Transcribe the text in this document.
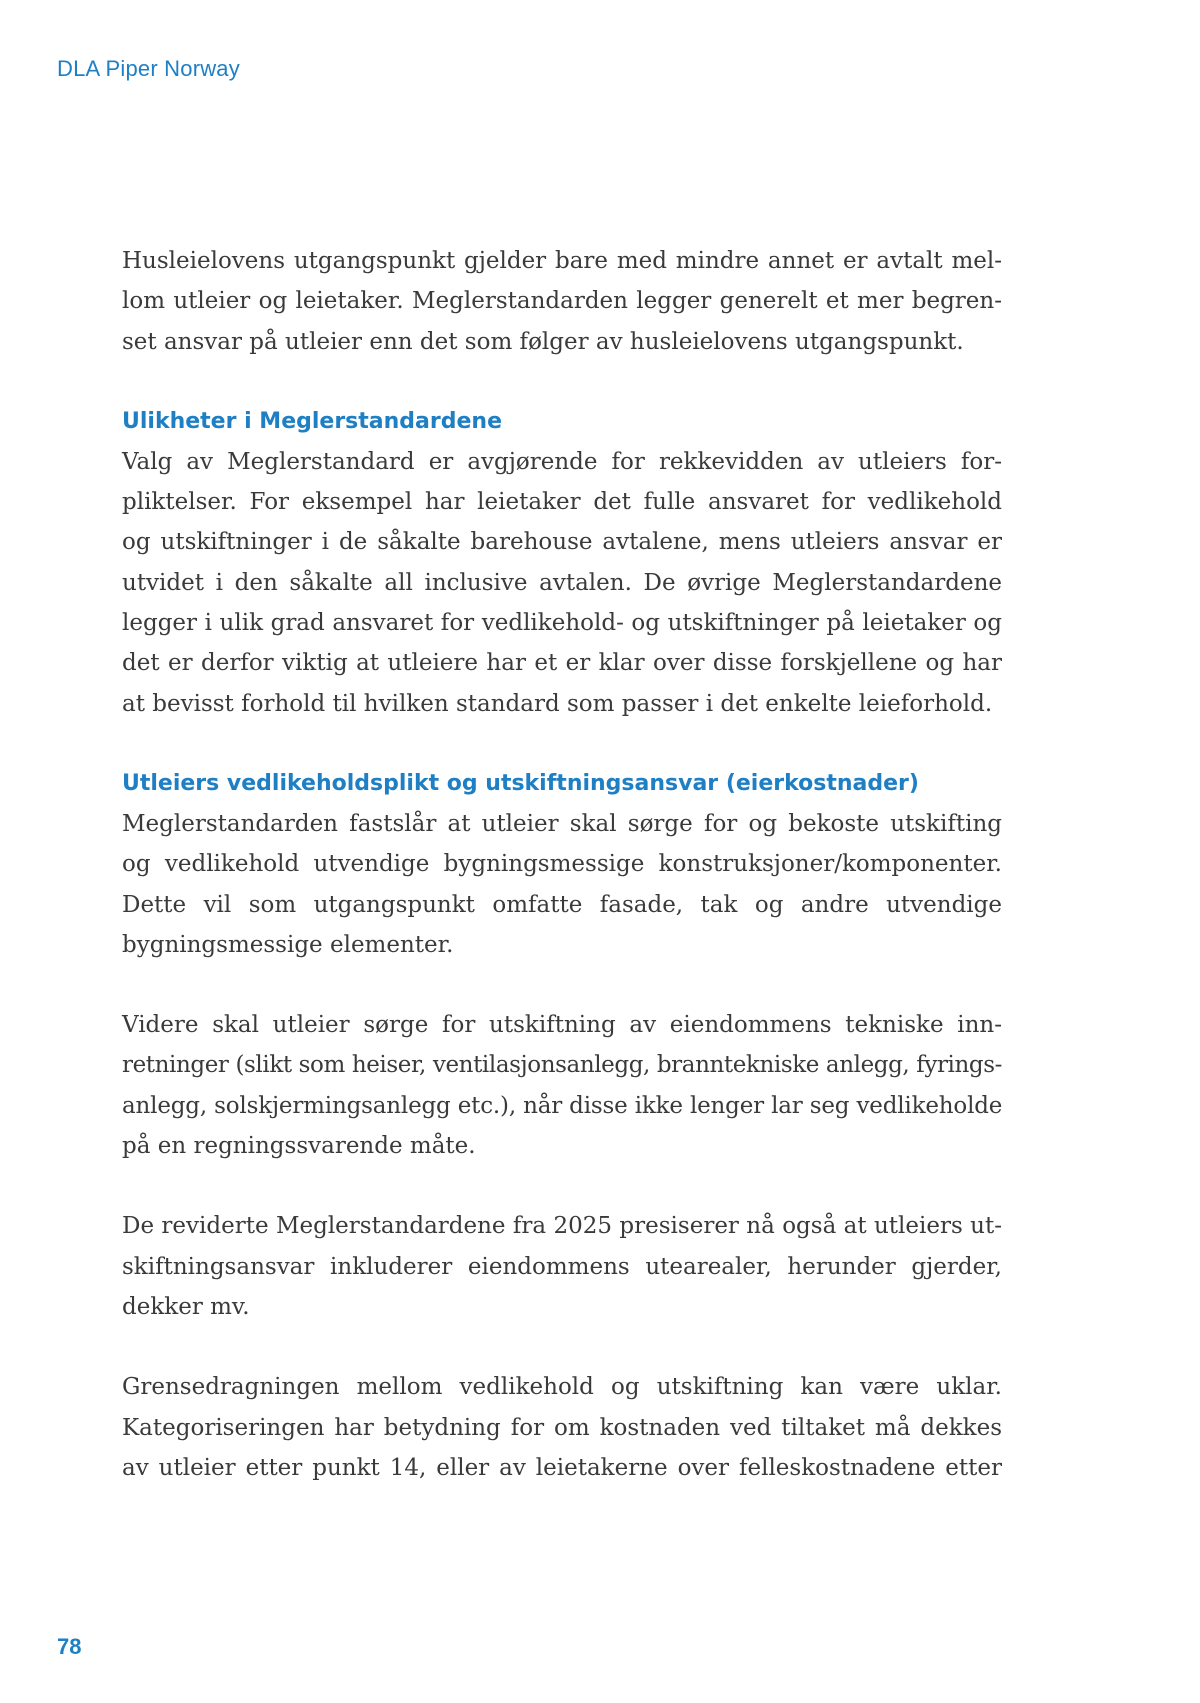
DLA Piper Norway

Husleielovens utgangspunkt gjelder bare med mindre annet er avtalt mel-
lom utleier og leietaker. Meglerstandarden legger generelt et mer begren-
set ansvar på utleier enn det som følger av husleielovens utgangspunkt.

Ulikheter i Meglerstandardene

Valg av Meglerstandard er avgjørende for rekkevidden av utleiers for-
pliktelser. For eksempel har leietaker det fulle ansvaret for vedlikehold
og utskiftninger i de såkalte barehouse avtalene, mens utleiers ansvar er
utvidet i den såkalte all inclusive avtalen. De øvrige Meglerstandardene
legger i ulik grad ansvaret for vedlikehold- og utskiftninger på leietaker og
det er derfor viktig at utleiere har et er klar over disse forskjellene og har
at bevisst forhold til hvilken standard som passer i det enkelte leieforhold.

Utleiers vedlikeholdsplikt og utskiftningsansvar (eierkostnader)

Meglerstandarden fastslår at utleier skal sørge for og bekoste utskifting
og vedlikehold utvendige bygningsmessige konstruksjoner/komponenter.
Dette vil som utgangspunkt omfatte fasade, tak og andre utvendige
bygningsmessige elementer.

Videre skal utleier sørge for utskiftning av eiendommens tekniske inn-
retninger (slikt som heiser, ventilasjonsanlegg, branntekniske anlegg, fyrings-
anlegg, solskjermingsanlegg etc.), når disse ikke lenger lar seg vedlikeholde
på en regningssvarende måte.

De reviderte Meglerstandardene fra 2025 presiserer nå også at utleiers ut-
skiftningsansvar inkluderer eiendommens utearealer, herunder gjerder,
dekker mv.

Grensedragningen mellom vedlikehold og utskiftning kan være uklar.
Kategoriseringen har betydning for om kostnaden ved tiltaket må dekkes
av utleier etter punkt 14, eller av leietakerne over felleskostnadene etter

78
